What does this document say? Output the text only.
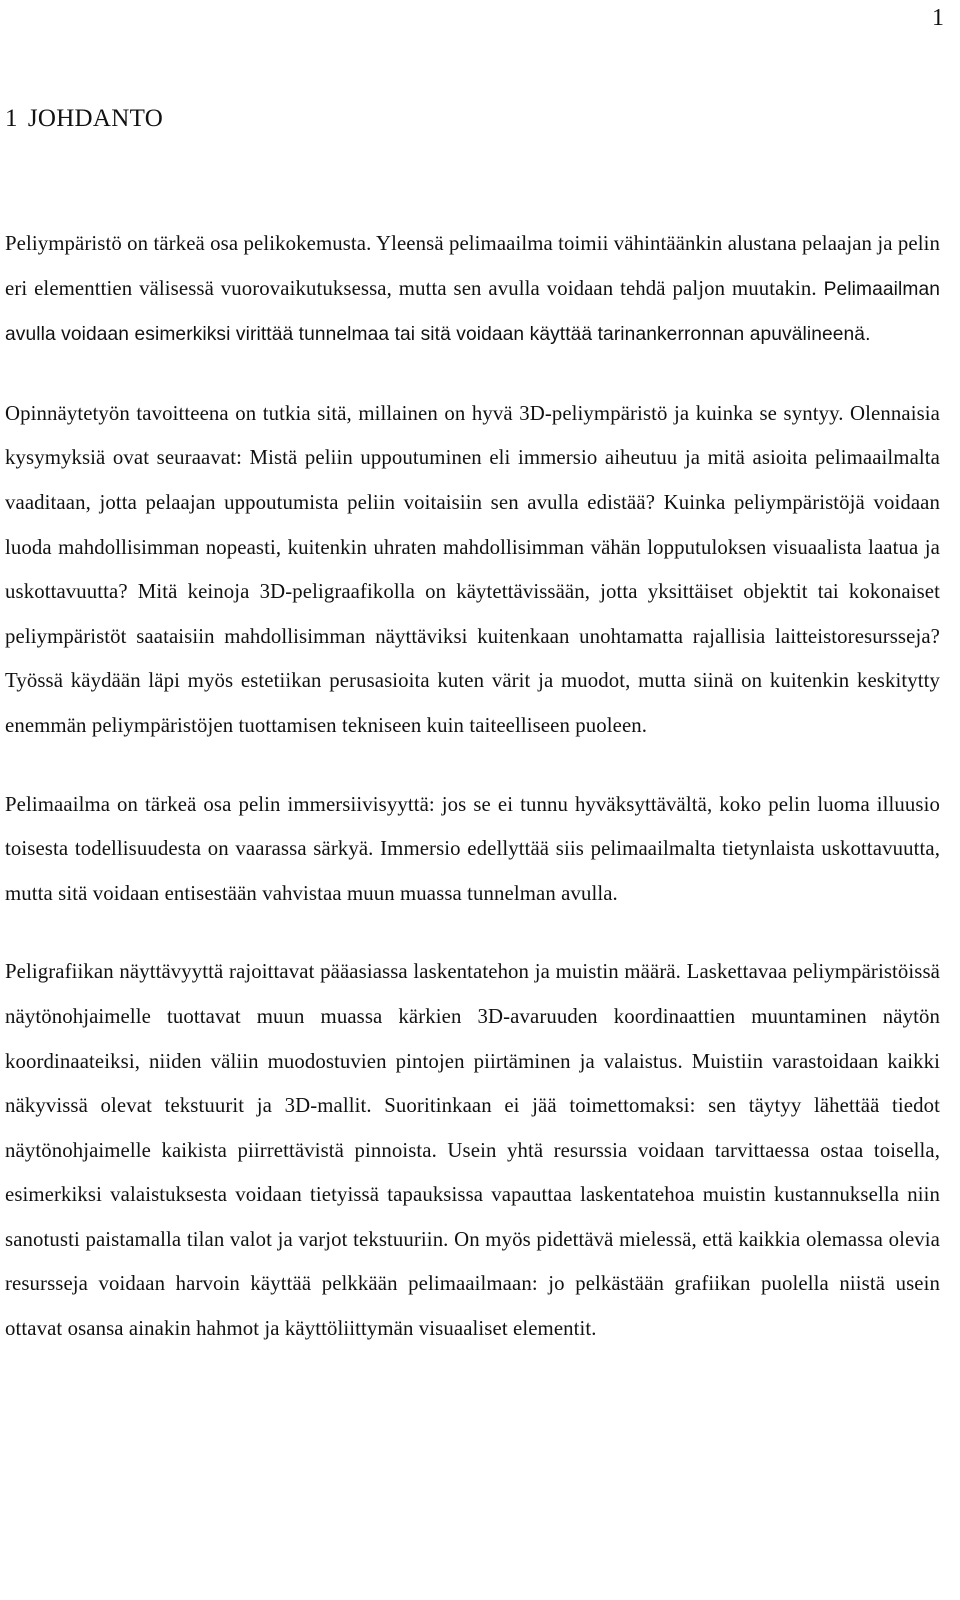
1
1 JOHDANTO

Peliympäristö on tärkeä osa pelikokemusta. Yleensä pelimaailma toimii vähintäänkin alustana pelaajan ja pelin eri elementtien välisessä vuorovaikutuksessa, mutta sen avulla voidaan tehdä paljon muutakin. Pelimaailman avulla voidaan esimerkiksi virittää tunnelmaa tai sitä voidaan käyttää tarinankerronnan apuvälineenä.

Opinnäytetyön tavoitteena on tutkia sitä, millainen on hyvä 3D-peliympäristö ja kuinka se syntyy. Olennaisia kysymyksiä ovat seuraavat: Mistä peliin uppoutuminen eli immersio aiheutuu ja mitä asioita pelimaailmalta vaaditaan, jotta pelaajan uppoutumista peliin voitaisiin sen avulla edistää? Kuinka peliympäristöjä voidaan luoda mahdollisimman nopeasti, kuitenkin uhraten mahdollisimman vähän lopputuloksen visuaalista laatua ja uskottavuutta? Mitä keinoja 3D-peligraafikolla on käytettävissään, jotta yksittäiset objektit tai kokonaiset peliympäristöt saataisiin mahdollisimman näyttäviksi kuitenkaan unohtamatta rajallisia laitteistoresursseja? Työssä käydään läpi myös estetiikan perusasioita kuten värit ja muodot, mutta siinä on kuitenkin keskitytty enemmän peliympäristöjen tuottamisen tekniseen kuin taiteelliseen puoleen.

Pelimaailma on tärkeä osa pelin immersiivisyyttä: jos se ei tunnu hyväksyttävältä, koko pelin luoma illuusio toisesta todellisuudesta on vaarassa särkyä. Immersio edellyttää siis pelimaailmalta tietynlaista uskottavuutta, mutta sitä voidaan entisestään vahvistaa muun muassa tunnelman avulla.

Peligrafiikan näyttävyyttä rajoittavat pääasiassa laskentatehon ja muistin määrä. Laskettavaa peliympäristöissä näytönohjaimelle tuottavat muun muassa kärkien 3D-avaruuden koordinaattien muuntaminen näytön koordinaateiksi, niiden väliin muodostuvien pintojen piirtäminen ja valaistus. Muistiin varastoidaan kaikki näkyvissä olevat tekstuurit ja 3D-mallit. Suoritinkaan ei jää toimettomaksi: sen täytyy lähettää tiedot näytönohjaimelle kaikista piirrettävistä pinnoista. Usein yhtä resurssia voidaan tarvittaessa ostaa toisella, esimerkiksi valaistuksesta voidaan tietyissä tapauksissa vapauttaa laskentatehoa muistin kustannuksella niin sanotusti paistamalla tilan valot ja varjot tekstuuriin. On myös pidettävä mielessä, että kaikkia olemassa olevia resursseja voidaan harvoin käyttää pelkkään pelimaailmaan: jo pelkästään grafiikan puolella niistä usein ottavat osansa ainakin hahmot ja käyttöliittymän visuaaliset elementit.
